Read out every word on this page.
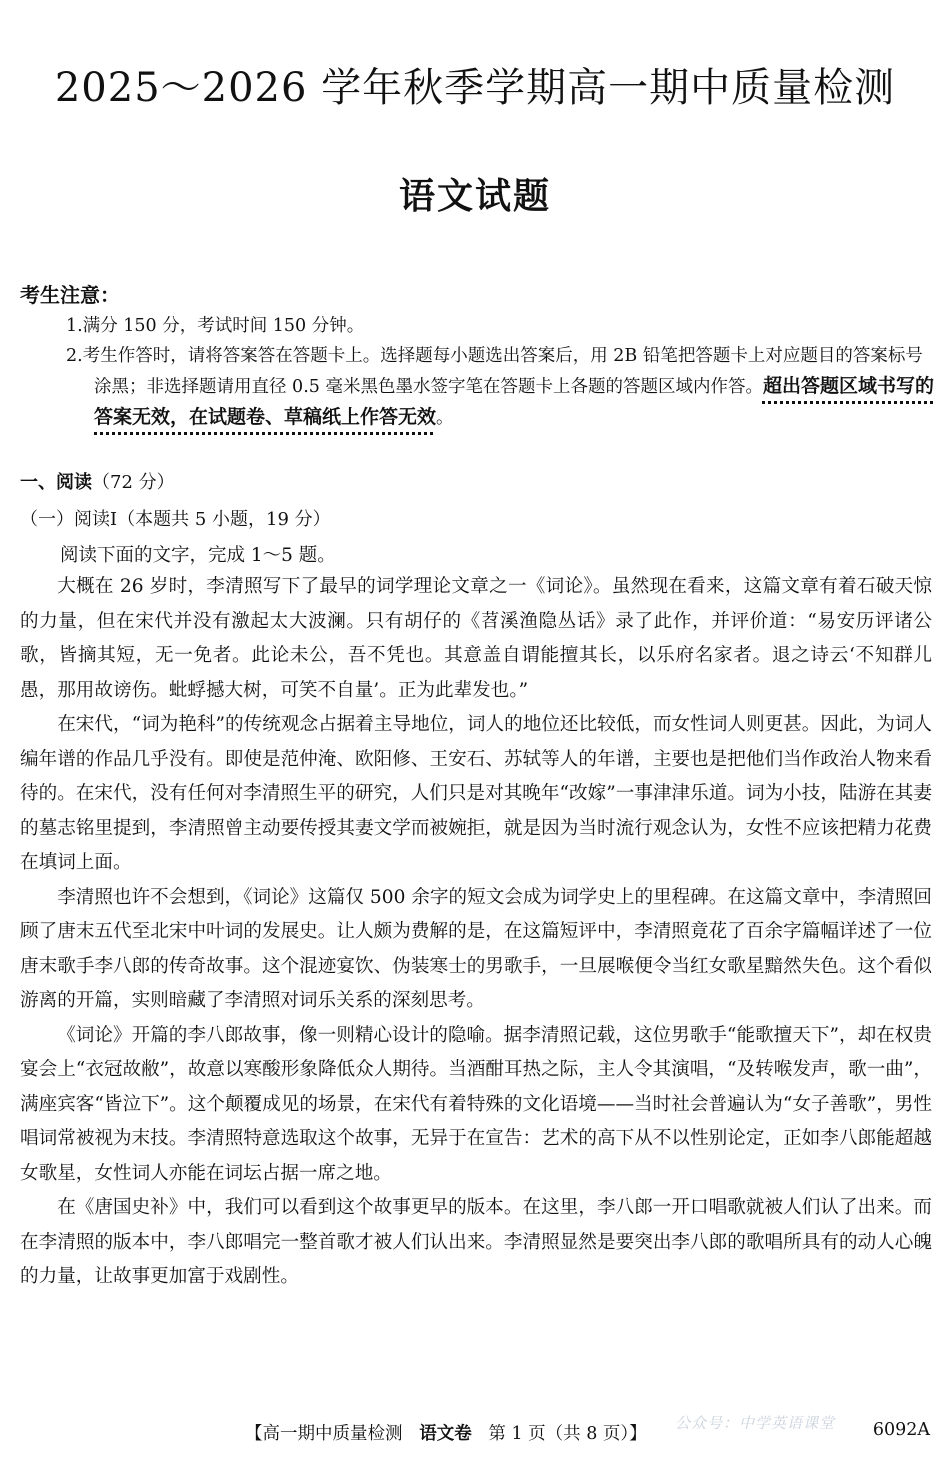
2025～2026 学年秋季学期高一期中质量检测
语文试题
考生注意：
1.满分 150 分，考试时间 150 分钟。
2.考生作答时，请将答案答在答题卡上。选择题每小题选出答案后，用 2B 铅笔把答题卡上对应题目的答案标号涂黑；非选择题请用直径 0.5 毫米黑色墨水签字笔在答题卡上各题的答题区域内作答。超出答题区域书写的答案无效，在试题卷、草稿纸上作答无效。
一、阅读（72 分）
（一）阅读Ⅰ（本题共 5 小题，19 分）
阅读下面的文字，完成 1～5 题。

大概在 26 岁时，李清照写下了最早的词学理论文章之一《词论》。虽然现在看来，这篇文章有着石破天惊的力量，但在宋代并没有激起太大波澜。只有胡仔的《苕溪渔隐丛话》录了此作，并评价道：“易安历评诸公歌，皆摘其短，无一免者。此论未公，吾不凭也。其意盖自谓能擅其长，以乐府名家者。退之诗云‘不知群儿愚，那用故谤伤。蚍蜉撼大树，可笑不自量’。正为此辈发也。”

在宋代，“词为艳科”的传统观念占据着主导地位，词人的地位还比较低，而女性词人则更甚。因此，为词人编年谱的作品几乎没有。即使是范仲淹、欧阳修、王安石、苏轼等人的年谱，主要也是把他们当作政治人物来看待的。在宋代，没有任何对李清照生平的研究，人们只是对其晚年“改嫁”一事津津乐道。词为小技，陆游在其妻的墓志铭里提到，李清照曾主动要传授其妻文学而被婉拒，就是因为当时流行观念认为，女性不应该把精力花费在填词上面。

李清照也许不会想到，《词论》这篇仅 500 余字的短文会成为词学史上的里程碑。在这篇文章中，李清照回顾了唐末五代至北宋中叶词的发展史。让人颇为费解的是，在这篇短评中，李清照竟花了百余字篇幅详述了一位唐末歌手李八郎的传奇故事。这个混迹宴饮、伪装寒士的男歌手，一旦展喉便令当红女歌星黯然失色。这个看似游离的开篇，实则暗藏了李清照对词乐关系的深刻思考。

《词论》开篇的李八郎故事，像一则精心设计的隐喻。据李清照记载，这位男歌手“能歌擅天下”，却在权贵宴会上“衣冠故敝”，故意以寒酸形象降低众人期待。当酒酣耳热之际，主人令其演唱，“及转喉发声，歌一曲”，满座宾客“皆泣下”。这个颠覆成见的场景，在宋代有着特殊的文化语境——当时社会普遍认为“女子善歌”，男性唱词常被视为末技。李清照特意选取这个故事，无异于在宣告：艺术的高下从不以性别论定，正如李八郎能超越女歌星，女性词人亦能在词坛占据一席之地。

在《唐国史补》中，我们可以看到这个故事更早的版本。在这里，李八郎一开口唱歌就被人们认了出来。而在李清照的版本中，李八郎唱完一整首歌才被人们认出来。李清照显然是要突出李八郎的歌唱所具有的动人心魄的力量，让故事更加富于戏剧性。

公众号：中学英语课堂
【高一期中质量检测 语文卷 第 1 页（共 8 页）】	6092A
